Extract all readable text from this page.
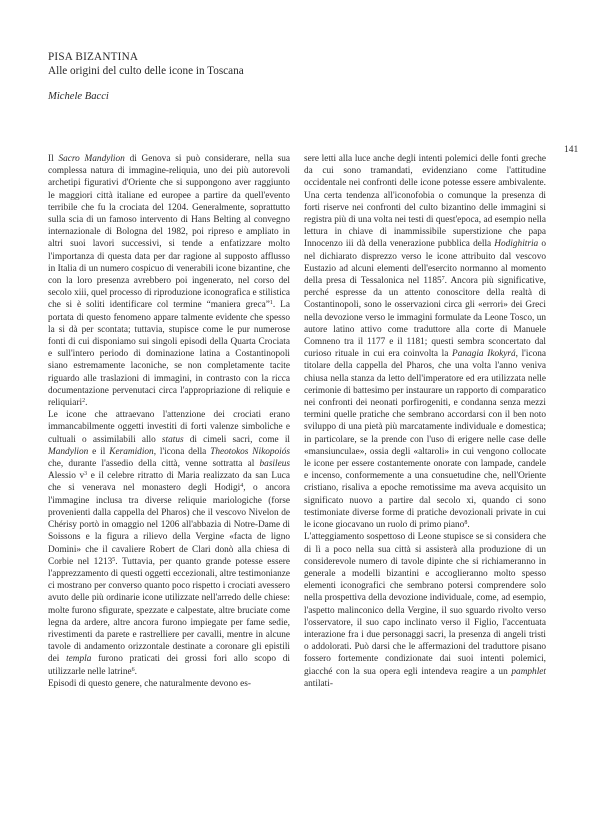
PISA BIZANTINA
Alle origini del culto delle icone in Toscana
Michele Bacci
141

Il Sacro Mandylion di Genova si può considerare, nella sua complessa natura di immagine-reliquia, uno dei più autorevoli archetipi figurativi d'Oriente che si suppongono aver raggiunto le maggiori città italiane ed europee a partire da quell'evento terribile che fu la crociata del 1204. Generalmente, soprattutto sulla scia di un famoso intervento di Hans Belting al convegno internazionale di Bologna del 1982, poi ripreso e ampliato in altri suoi lavori successivi, si tende a enfatizzare molto l'importanza di questa data per dar ragione al supposto afflusso in Italia di un numero cospicuo di venerabili icone bizantine, che con la loro presenza avrebbero poi ingenerato, nel corso del secolo xiii, quel processo di riproduzione iconografica e stilistica che si è soliti identificare col termine “maniera greca”$^1$. La portata di questo fenomeno appare talmente evidente che spesso la si dà per scontata; tuttavia, stupisce come le pur numerose fonti di cui disponiamo sui singoli episodi della Quarta Crociata e sull'intero periodo di dominazione latina a Costantinopoli siano estremamente laconiche, se non completamente tacite riguardo alle traslazioni di immagini, in contrasto con la ricca documentazione pervenutaci circa l'appropriazione di reliquie e reliquiari$^2$.

Le icone che attraevano l'attenzione dei crociati erano immancabilmente oggetti investiti di forti valenze simboliche e cultuali o assimilabili allo status di cimeli sacri, come il Mandylion e il Keramidion, l'icona della Theotokos Nikopoiós che, durante l'assedio della città, venne sottratta al basileus Alessio $v^3$ e il celebre ritratto di Maria realizzato da san Luca che si venerava nel monastero degli Hodigi$^4$, o ancora l'immagine inclusa tra diverse reliquie mariologiche (forse provenienti dalla cappella del Pharos) che il vescovo Nivelon de Chérisy portò in omaggio nel 1206 all'abbazia di Notre-Dame di Soissons e la figura a rilievo della Vergine «facta de ligno Domini» che il cavaliere Robert de Clari donò alla chiesa di Corbie nel 1213$^5$. Tuttavia, per quanto grande potesse essere l'apprezzamento di questi oggetti eccezionali, altre testimonianze ci mostrano per converso quanto poco rispetto i crociati avessero avuto delle più ordinarie icone utilizzate nell'arredo delle chiese: molte furono sfigurate, spezzate e calpestate, altre bruciate come legna da ardere, altre ancora furono impiegate per fame sedie, rivestimenti da parete e rastrelliere per cavalli, mentre in alcune tavole di andamento orizzontale destinate a coronare gli epistili dei templa furono praticati dei grossi fori allo scopo di utilizzarle nelle latrine$^6$.

Episodi di questo genere, che naturalmente devono es-

sere letti alla luce anche degli intenti polemici delle fonti greche da cui sono tramandati, evidenziano come l'attitudine occidentale nei confronti delle icone potesse essere ambivalente. Una certa tendenza all'iconofobia o comunque la presenza di forti riserve nei confronti del culto bizantino delle immagini si registra più di una volta nei testi di quest'epoca, ad esempio nella lettura in chiave di inammissibile superstizione che papa Innocenzo iii dà della venerazione pubblica della Hodighitria o nel dichiarato disprezzo verso le icone attribuito dal vescovo Eustazio ad alcuni elementi dell'esercito normanno al momento della presa di Tessalonica nel 1185$^7$. Ancora più significative, perché espresse da un attento conoscitore della realtà di Costantinopoli, sono le osservazioni circa gli «errori» dei Greci nella devozione verso le immagini formulate da Leone Tosco, un autore latino attivo come traduttore alla corte di Manuele Comneno tra il 1177 e il 1181; questi sembra sconcertato dal curioso rituale in cui era coinvolta la Panagia Ikokyrá, l'icona titolare della cappella del Pharos, che una volta l'anno veniva chiusa nella stanza da letto dell'imperatore ed era utilizzata nelle cerimonie di battesimo per instaurare un rapporto di comparatico nei confronti dei neonati porfirogeniti, e condanna senza mezzi termini quelle pratiche che sembrano accordarsi con il ben noto sviluppo di una pietà più marcatamente individuale e domestica; in particolare, se la prende con l'uso di erigere nelle case delle «mansiunculae», ossia degli «altaroli» in cui vengono collocate le icone per essere costantemente onorate con lampade, candele e incenso, conformemente a una consuetudine che, nell'Oriente cristiano, risaliva a epoche remotissime ma aveva acquisito un significato nuovo a partire dal secolo xi, quando ci sono testimoniate diverse forme di pratiche devozionali private in cui le icone giocavano un ruolo di primo piano$^8$.

L'atteggiamento sospettoso di Leone stupisce se si considera che di lì a poco nella sua città si assisterà alla produzione di un considerevole numero di tavole dipinte che si richiameranno in generale a modelli bizantini e accoglieranno molto spesso elementi iconografici che sembrano potersi comprendere solo nella prospettiva della devozione individuale, come, ad esempio, l'aspetto malinconico della Vergine, il suo sguardo rivolto verso l'osservatore, il suo capo inclinato verso il Figlio, l'accentuata interazione fra i due personaggi sacri, la presenza di angeli tristi o addolorati. Può darsi che le affermazioni del traduttore pisano fossero fortemente condizionate dai suoi intenti polemici, giacché con la sua opera egli intendeva reagire a un pamphlet antilati-
